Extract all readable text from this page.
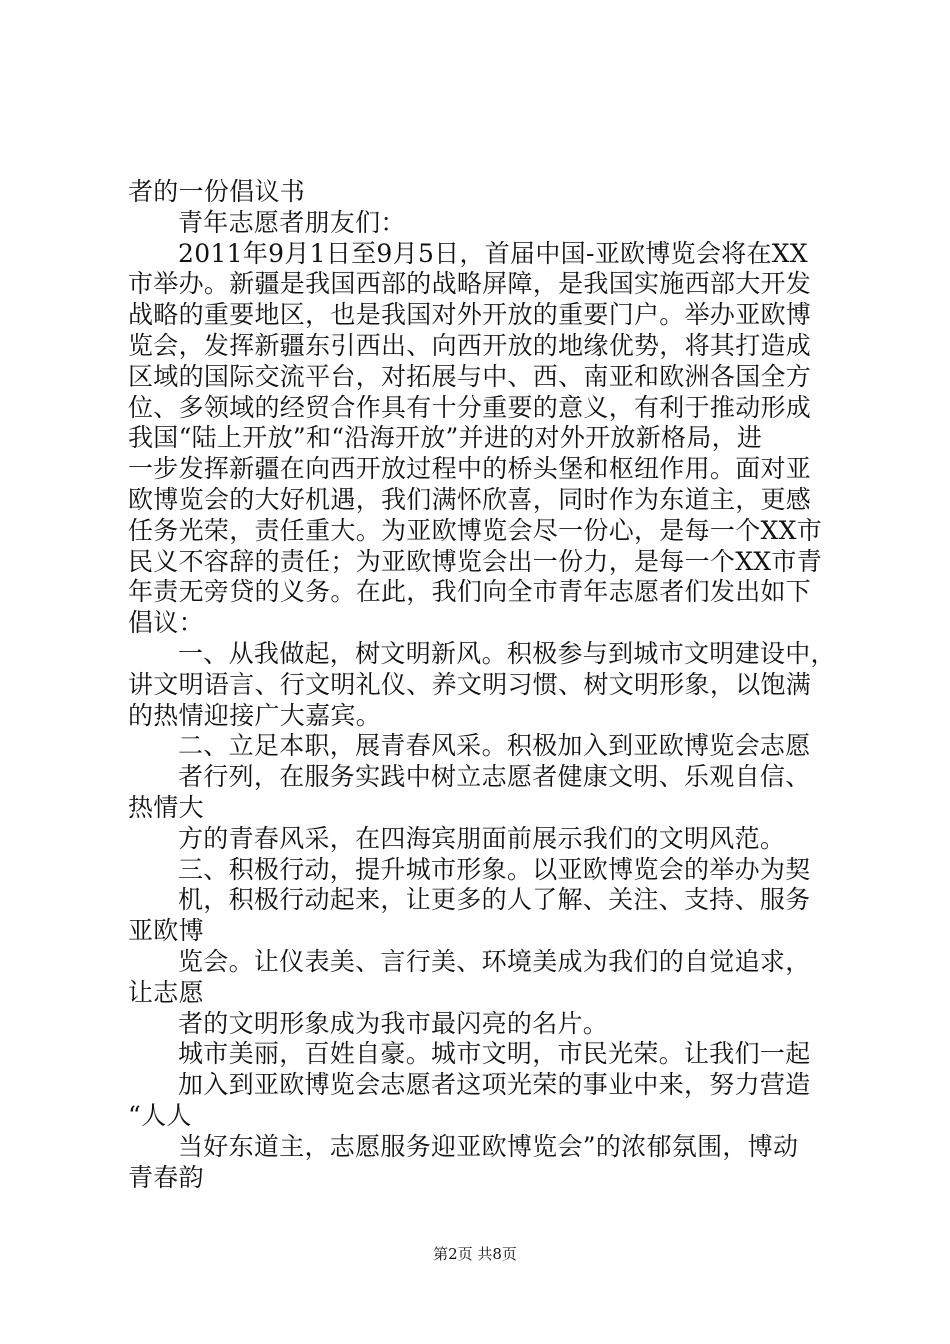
者的一份倡议书
青年志愿者朋友们：
2011年9月1日至9月5日，首届中国-亚欧博览会将在XX
市举办。新疆是我国西部的战略屏障，是我国实施西部大开发
战略的重要地区，也是我国对外开放的重要门户。举办亚欧博
览会，发挥新疆东引西出、向西开放的地缘优势，将其打造成
区域的国际交流平台，对拓展与中、西、南亚和欧洲各国全方
位、多领域的经贸合作具有十分重要的意义，有利于推动形成
我国“陆上开放”和“沿海开放”并进的对外开放新格局，进
一步发挥新疆在向西开放过程中的桥头堡和枢纽作用。面对亚
欧博览会的大好机遇，我们满怀欣喜，同时作为东道主，更感
任务光荣，责任重大。为亚欧博览会尽一份心，是每一个XX市
民义不容辞的责任；为亚欧博览会出一份力，是每一个XX市青
年责无旁贷的义务。在此，我们向全市青年志愿者们发出如下
倡议：
一、从我做起，树文明新风。积极参与到城市文明建设中，
讲文明语言、行文明礼仪、养文明习惯、树文明形象，以饱满
的热情迎接广大嘉宾。
二、立足本职，展青春风采。积极加入到亚欧博览会志愿
者行列，在服务实践中树立志愿者健康文明、乐观自信、
热情大
方的青春风采，在四海宾朋面前展示我们的文明风范。
三、积极行动，提升城市形象。以亚欧博览会的举办为契
机，积极行动起来，让更多的人了解、关注、支持、服务
亚欧博
览会。让仪表美、言行美、环境美成为我们的自觉追求，
让志愿
者的文明形象成为我市最闪亮的名片。
城市美丽，百姓自豪。城市文明，市民光荣。让我们一起
加入到亚欧博览会志愿者这项光荣的事业中来，努力营造
“人人
当好东道主，志愿服务迎亚欧博览会”的浓郁氛围，博动
青春韵
第2页 共8页
